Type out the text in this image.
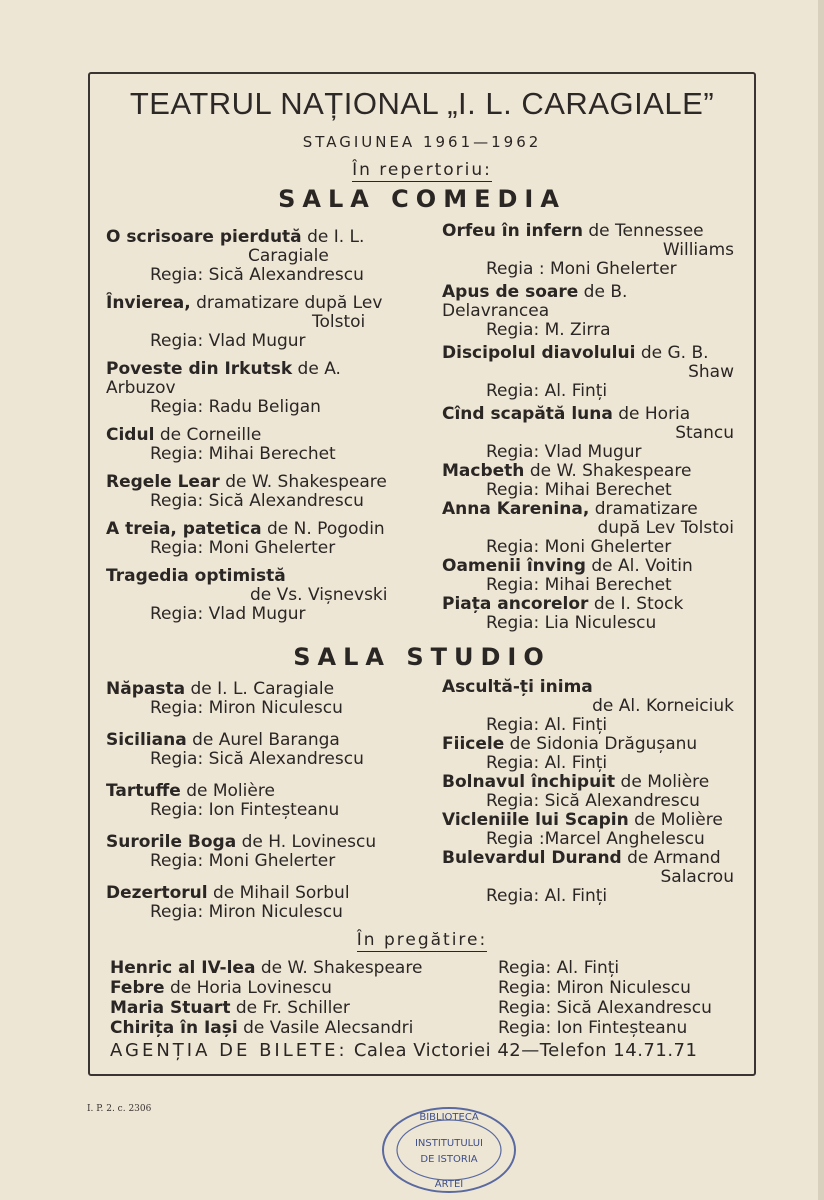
TEATRUL NAȚIONAL „I. L. CARAGIALE”
STAGIUNEA 1961—1962
În repertoriu:
SALA COMEDIA
O scrisoare pierdută de I. L.
Caragiale
Regia: Sică Alexandrescu
Învierea, dramatizare după Lev
Tolstoi
Regia: Vlad Mugur
Poveste din Irkutsk de A. Arbuzov
Regia: Radu Beligan
Cidul de Corneille
Regia: Mihai Berechet
Regele Lear de W. Shakespeare
Regia: Sică Alexandrescu
A treia, patetica de N. Pogodin
Regia: Moni Ghelerter
Tragedia optimistă
de Vs. Vișnevski
Regia: Vlad Mugur
Orfeu în infern de Tennessee
Williams
Regia : Moni Ghelerter
Apus de soare de B. Delavrancea
Regia: M. Zirra
Discipolul diavolului de G. B.
Shaw
Regia: Al. Finți
Cînd scapătă luna de Horia
Stancu
Regia: Vlad Mugur
Macbeth de W. Shakespeare
Regia: Mihai Berechet
Anna Karenina, dramatizare
după Lev Tolstoi
Regia: Moni Ghelerter
Oamenii înving de Al. Voitin
Regia: Mihai Berechet
Piața ancorelor de I. Stock
Regia: Lia Niculescu
SALA STUDIO
Năpasta de I. L. Caragiale
Regia: Miron Niculescu
Siciliana de Aurel Baranga
Regia: Sică Alexandrescu
Tartuffe de Molière
Regia: Ion Finteșteanu
Surorile Boga de H. Lovinescu
Regia: Moni Ghelerter
Dezertorul de Mihail Sorbul
Regia: Miron Niculescu
Ascultă-ți inima
de Al. Korneiciuk
Regia: Al. Finți
Fiicele de Sidonia Drăgușanu
Regia: Al. Finți
Bolnavul închipuit de Molière
Regia: Sică Alexandrescu
Vicleniile lui Scapin de Molière
Regia :Marcel Anghelescu
Bulevardul Durand de Armand
Salacrou
Regia: Al. Finți
În pregătire:
Henric al IV-lea de W. Shakespeare	Regia: Al. Finți
Febre de Horia Lovinescu	Regia: Miron Niculescu
Maria Stuart de Fr. Schiller	Regia: Sică Alexandrescu
Chirița în Iași de Vasile Alecsandri	Regia: Ion Finteșteanu
AGENȚIA DE BILETE: Calea Victoriei 42—Telefon 14.71.71
I. P. 2. c. 2306
BIBLIOTECA
INSTITUTULUI
DE ISTORIA
ARTEI
